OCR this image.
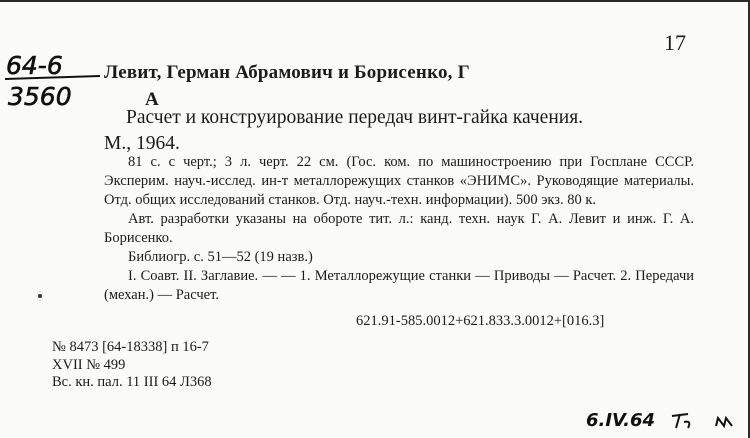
64-6
3560
17
Левит, Герман Абрамович и Борисенко, Г
А
Расчет и конструирование передач винт-гайка качения.
М., 1964.

81 с. с черт.; 3 л. черт. 22 см. (Гос. ком. по машиностроению при Госплане СССР. Эксперим. науч.-исслед. ин-т металлорежущих станков «ЭНИМС». Руководящие материалы. Отд. общих исследований станков. Отд. науч.-техн. информации). 500 экз. 80 к.

Авт. разработки указаны на обороте тит. л.: канд. техн. наук Г. А. Левит и инж. Г. А. Борисенко.

Библиогр. с. 51—52 (19 назв.)

I. Соавт. II. Заглавие. — — 1. Металлорежущие станки — Приводы — Расчет. 2. Передачи (механ.) — Расчет.

621.91-585.0012+621.833.3.0012+[016.3]
№ 8473 [64-18338] п 16-7
XVII № 499
Вс. кн. пал. 11 III 64 Л368
6.IV.64
